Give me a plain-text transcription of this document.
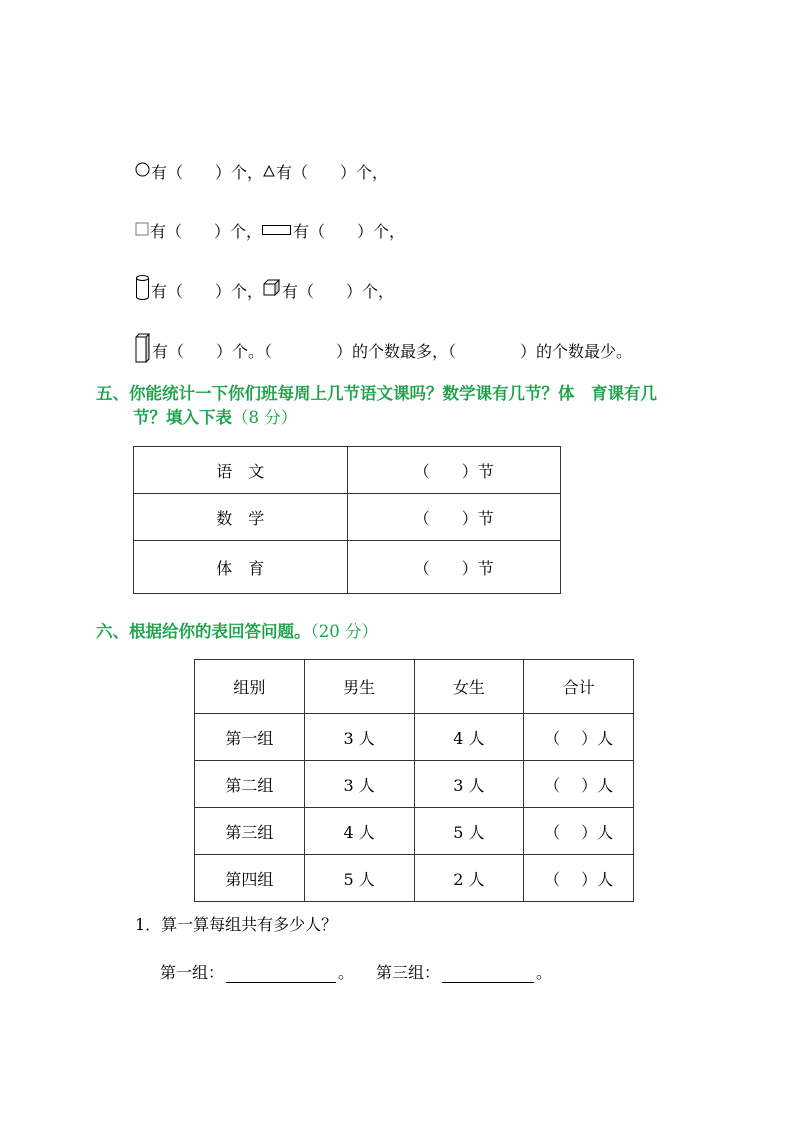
有（　　）个， 有（　　）个，
有（　　）个， 有（　　）个，
有（　　）个， 有（　　）个，
有（　　）个。（　　　　）的个数最多，（　　　　）的个数最少。
五、你能统计一下你们班每周上几节语文课吗？数学课有几节？体　育课有几
节？填入下表（8 分）
语　文	（　　）节
数　学	（　　）节
体　育	（　　）节
六、根据给你的表回答问题。（20 分）
组别	男生	女生	合计
第一组	3 人	4 人	（　 ）人
第二组	3 人	3 人	（　 ）人
第三组	4 人	5 人	（　 ）人
第四组	5 人	2 人	（　 ）人
1．算一算每组共有多少人？
第一组：	。 第三组：	。
